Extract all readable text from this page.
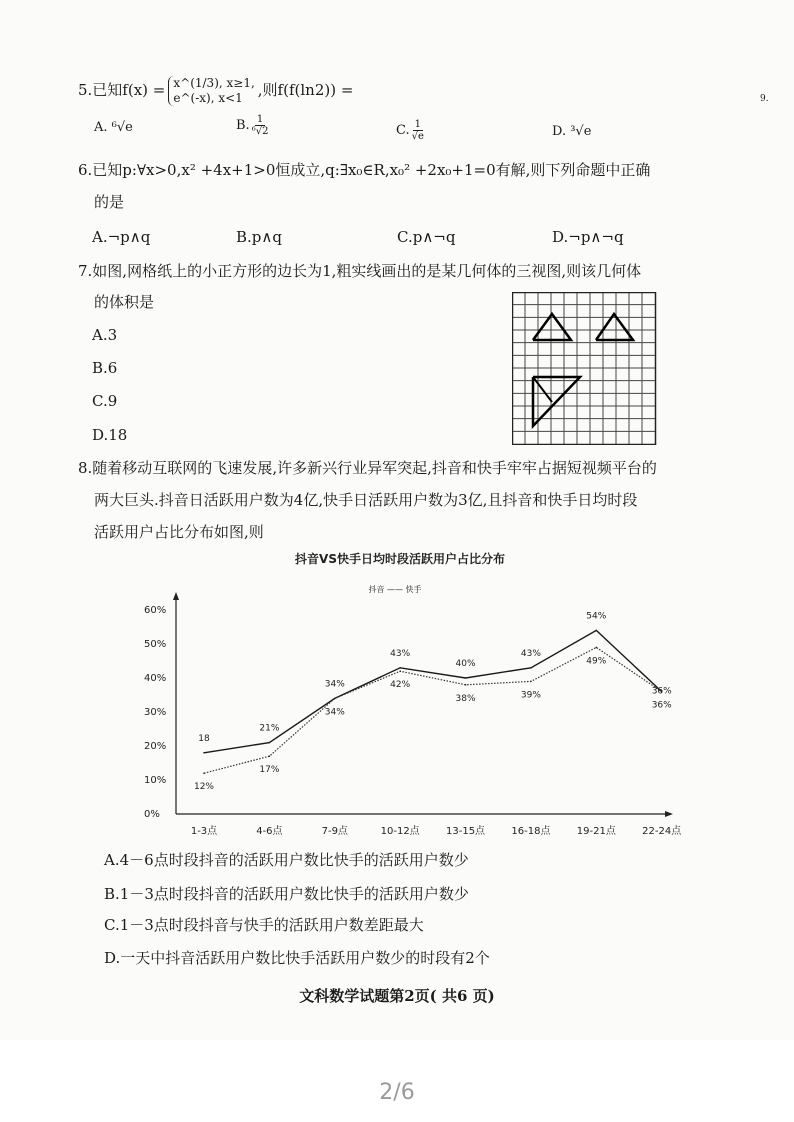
5.已知f(x) = x^(1/3), x≥1,
e^(-x), x<1 ,则f(f(ln2)) =	9.
A. ⁶√e	B. $\frac{1}{\text{⁶√2}}$	C. $\frac{1}{√e}$	D. ³√e
6.已知p:∀x>0,x² +4x+1>0恒成立,q:∃x₀∈R,x₀² +2x₀+1=0有解,则下列命题中正确
的是
A.¬p∧q	B.p∧q	C.p∧¬q	D.¬p∧¬q
7.如图,网格纸上的小正方形的边长为1,粗实线画出的是某几何体的三视图,则该几何体
的体积是
A.3
B.6
C.9
D.18
8.随着移动互联网的飞速发展,许多新兴行业异军突起,抖音和快手牢牢占据短视频平台的
两大巨头.抖音日活跃用户数为4亿,快手日活跃用户数为3亿,且抖音和快手日均时段
活跃用户占比分布如图,则
抖音VS快手日均时段活跃用户占比分布
抖音 —— 快手
0%
10%
20%
30%
40%
50%
60%
1-3点	4-6点	7-9点	10-12点	13-15点	16-18点	19-21点	22-24点
18
21%
34%
43%
40%
43%
54%
36%
12%
17%
34%
42%
38%	39%
49%
36%
A.4－6点时段抖音的活跃用户数比快手的活跃用户数少
B.1－3点时段抖音的活跃用户数比快手的活跃用户数少
C.1－3点时段抖音与快手的活跃用户数差距最大
D.一天中抖音活跃用户数比快手活跃用户数少的时段有2个
文科数学试题第2页( 共6 页)
2/6
